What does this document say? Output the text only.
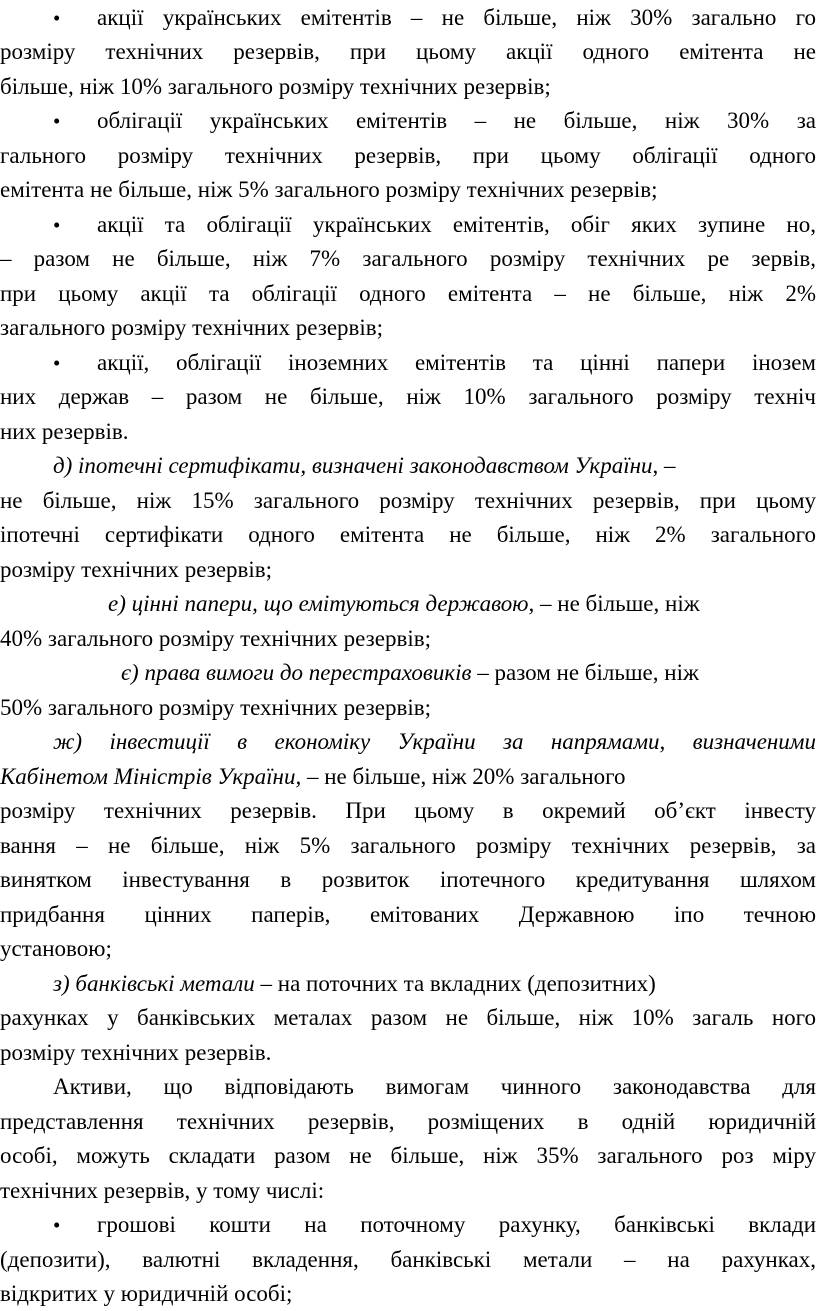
• акції українських емітентів – не більше, ніж 30% загально го
розміру технічних резервів, при цьому акції одного емітента не
більше, ніж 10% загального розміру технічних резервів;
• облігації українських емітентів – не більше, ніж 30% за
гального розміру технічних резервів, при цьому облігації одного
емітента не більше, ніж 5% загального розміру технічних резервів;
• акції та облігації українських емітентів, обіг яких зупине но,
– разом не більше, ніж 7% загального розміру технічних ре зервів,
при цьому акції та облігації одного емітента – не більше, ніж 2%
загального розміру технічних резервів;
• акції, облігації іноземних емітентів та цінні папери інозем
них держав – разом не більше, ніж 10% загального розміру техніч
них резервів.
д) іпотечні сертифікати, визначені законодавством України, –
не більше, ніж 15% загального розміру технічних резервів, при цьому
іпотечні сертифікати одного емітента не більше, ніж 2% загального
розміру технічних резервів;
е) цінні папери, що емітуються державою, – не більше, ніж
40% загального розміру технічних резервів;
є) права вимоги до перестраховиків – разом не більше, ніж
50% загального розміру технічних резервів;
ж) інвестиції в економіку України за напрямами, визначеними
Кабінетом Міністрів України, – не більше, ніж 20% загального
розміру технічних резервів. При цьому в окремий об’єкт інвесту
вання – не більше, ніж 5% загального розміру технічних резервів, за
винятком інвестування в розвиток іпотечного кредитування шляхом
придбання цінних паперів, емітованих Державною іпо течною
установою;
з) банківські метали – на поточних та вкладних (депозитних)
рахунках у банківських металах разом не більше, ніж 10% загаль ного
розміру технічних резервів.
Активи, що відповідають вимогам чинного законодавства для
представлення технічних резервів, розміщених в одній юридичній
особі, можуть складати разом не більше, ніж 35% загального роз міру
технічних резервів, у тому числі:
• грошові кошти на поточному рахунку, банківські вклади
(депозити), валютні вкладення, банківські метали – на рахунках,
відкритих у юридичній особі;
